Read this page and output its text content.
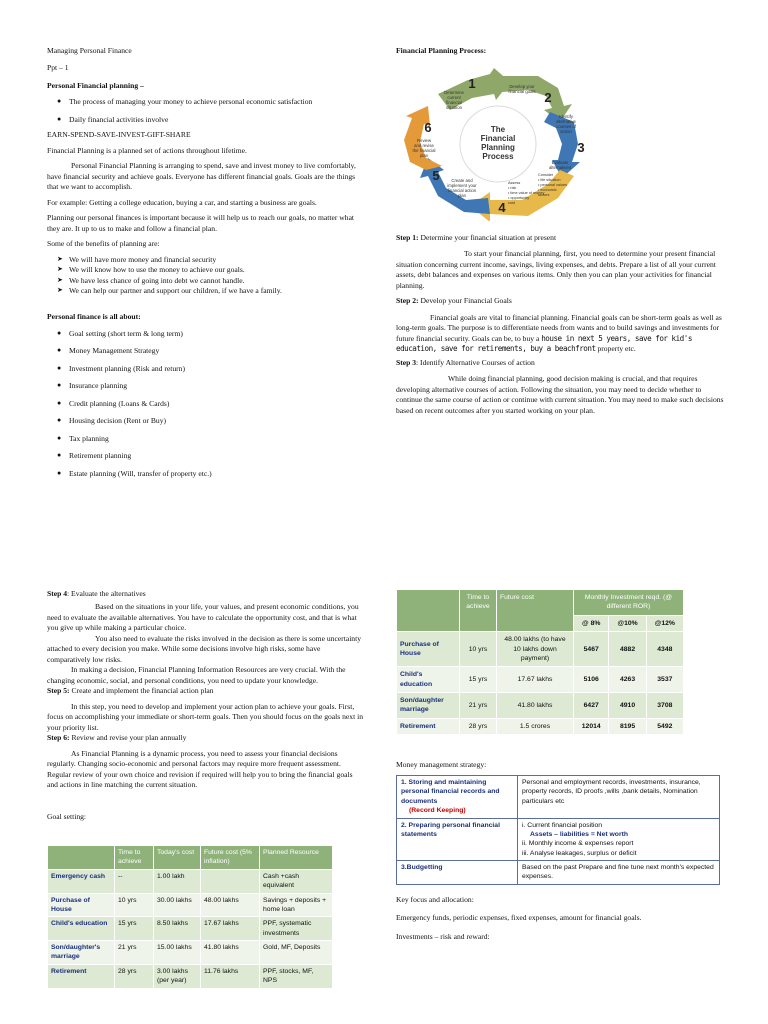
Managing Personal Finance

Ppt – 1

Personal Financial planning –

● The process of managing your money to achieve personal economic satisfaction
● Daily financial activities involve

EARN-SPEND-SAVE-INVEST-GIFT-SHARE

Financial Planning is a planned set of actions throughout lifetime.

Personal Financial Planning is arranging to spend, save and invest money to live comfortably, have financial security and achieve goals. Everyone has different financial goals. Goals are the things that we want to accomplish.

For example: Getting a college education, buying a car, and starting a business are goals.

Planning our personal finances is important because it will help us to reach our goals, no matter what they are. It up to us to make and follow a financial plan.

Some of the benefits of planning are:

➤ We will have more money and financial security
➤ We will know how to use the money to achieve our goals.
➤ We have less chance of going into debt we cannot handle.
➤ We can help our partner and support our children, if we have a family.

Personal finance is all about:

● Goal setting (short term & long term)
● Money Management Strategy
● Investment planning (Risk and return)
● Insurance planning
● Credit planning (Loans & Cards)
● Housing decision (Rent or Buy)
● Tax planning
● Retirement planning
● Estate planning (Will, transfer of property etc.)

Step 4: Evaluate the alternatives

Based on the situations in your life, your values, and present economic conditions, you need to evaluate the available alternatives. You have to calculate the opportunity cost, and that is what you give up while making a particular choice.

You also need to evaluate the risks involved in the decision as there is some uncertainty attached to every decision you make. While some decisions involve high risks, some have comparatively low risks.

In making a decision, Financial Planning Information Resources are very crucial. With the changing economic, social, and personal conditions, you need to update your knowledge.

Step 5: Create and implement the financial action plan

In this step, you need to develop and implement your action plan to achieve your goals. First, focus on accomplishing your immediate or short-term goals. Then you should focus on the goals next in your priority list.

Step 6: Review and revise your plan annually

As Financial Planning is a dynamic process, you need to assess your financial decisions regularly. Changing socio-economic and personal factors may require more frequent assessment. Regular review of your own choice and revision if required will help you to bring the financial goals and actions in line matching the current situation.

Goal setting:

	Time to achieve	Today's cost	Future cost (5% inflation)	Planned Resource
Emergency cash	--	1.00 lakh		Cash +cash equivalent
Purchase of House	10 yrs	30.00 lakhs	48.00 lakhs	Savings + deposits + home loan
Child's education	15 yrs	8.50 lakhs	17.67 lakhs	PPF, systematic investments
Son/daughter's marriage	21 yrs	15.00 lakhs	41.80 lakhs	Gold, MF, Deposits
Retirement	28 yrs	3.00 lakhs (per year)	11.76 lakhs	PPF, stocks, MF, NPS

Financial Planning Process:

The
Financial
Planning
Process
1
2
3
4
5
6
Determine
current
financial
situation
Develop your
financial goals
Identify
alternative
courses of
action
Evaluate
alternatives
Review
and revise
the financial
plan
Create and
implement your
financial action
plan
Consider
• life situation
• personal values
• economic
factors
Assess
• risk
• time value of money
• opportunity
cost

Step 1: Determine your financial situation at present

To start your financial planning, first, you need to determine your present financial situation concerning current income, savings, living expenses, and debts. Prepare a list of all your current assets, debt balances and expenses on various items. Only then you can plan your activities for financial planning.

Step 2: Develop your Financial Goals

Financial goals are vital to financial planning. Financial goals can be short-term goals as well as long-term goals. The purpose is to differentiate needs from wants and to build savings and investments for future financial security. Goals can be, to buy a house in next 5 years, save for kid's education, save for retirements, buy a beachfront property etc.

Step 3: Identify Alternative Courses of action

While doing financial planning, good decision making is crucial, and that requires developing alternative courses of action. Following the situation, you may need to decide whether to continue the same course of action or continue with current situation. You may need to make such decisions based on recent outcomes after you started working on your plan.

	Time to achieve	Future cost	Monthly Investment reqd. (@ different ROR)		
			@ 8%	@10%	@12%
Purchase of House	10 yrs	48.00 lakhs (to have 10 lakhs down payment)	5467	4882	4348
Child's education	15 yrs	17.67 lakhs	5106	4263	3537
Son/daughter marriage	21 yrs	41.80 lakhs	6427	4910	3708
Retirement	28 yrs	1.5 crores	12014	8195	5492

Money management strategy:

1. Storing and maintaining personal financial records and documents
(Record Keeping)	Personal and employment records, investments, insurance, property records, ID proofs ,wills ,bank details, Nomination particulars etc
2. Preparing personal financial statements	i. Current financial position
Assets – liabilities = Net worth
ii. Monthly income & expenses report
iii. Analyse leakages, surplus or deficit

3.Budgetting	Based on the past Prepare and fine tune next month's expected expenses.

Key focus and allocation:

Emergency funds, periodic expenses, fixed expenses, amount for financial goals.

Investments – risk and reward:
